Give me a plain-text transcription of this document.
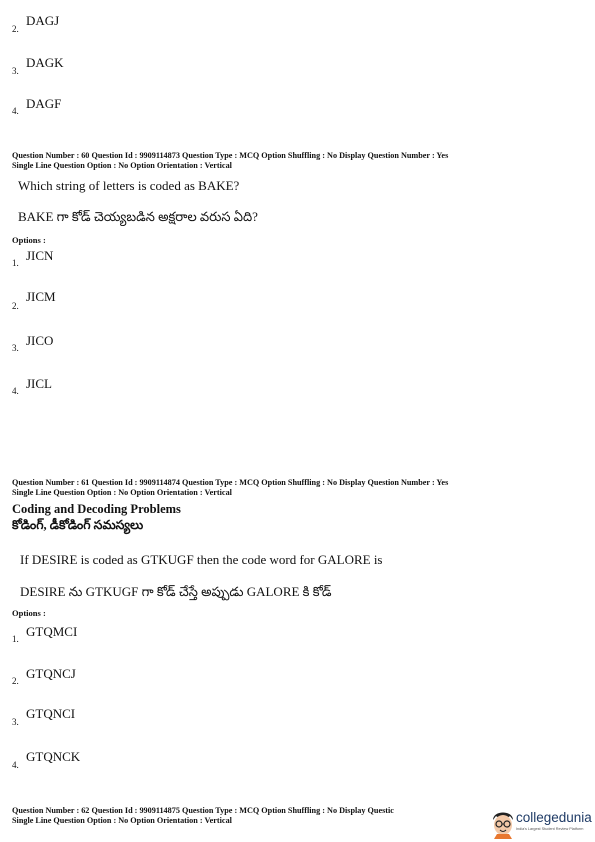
2.
DAGJ
3.
DAGK
4. DAGF
Question Number : 60 Question Id : 9909114873 Question Type : MCQ Option Shuffling : No Display Question Number : Yes
Single Line Question Option : No Option Orientation : Vertical
Which string of letters is coded as BAKE?
BAKE గా కోడ్ చెయ్యబడిన అక్షరాల వరుస ఏది?
Options :
1. JICN
2.
JICM
3. JICO
4. JICL
Question Number : 61 Question Id : 9909114874 Question Type : MCQ Option Shuffling : No Display Question Number : Yes
Single Line Question Option : No Option Orientation : Vertical
Coding and Decoding Problems
కోడింగ్, డీకోడింగ్ సమస్యలు
If DESIRE is coded as GTKUGF then the code word for GALORE is
DESIRE ను GTKUGF గా కోడ్ చేస్తే అప్పుడు GALORE కి కోడ్
Options :
1. GTQMCI
2. GTQNCJ
3.
GTQNCI
4.
GTQNCK
Question Number : 62 Question Id : 9909114875 Question Type : MCQ Option Shuffling : No Display Questic
Single Line Question Option : No Option Orientation : Vertical	collegedunia
India's Largest Student Review Platform
